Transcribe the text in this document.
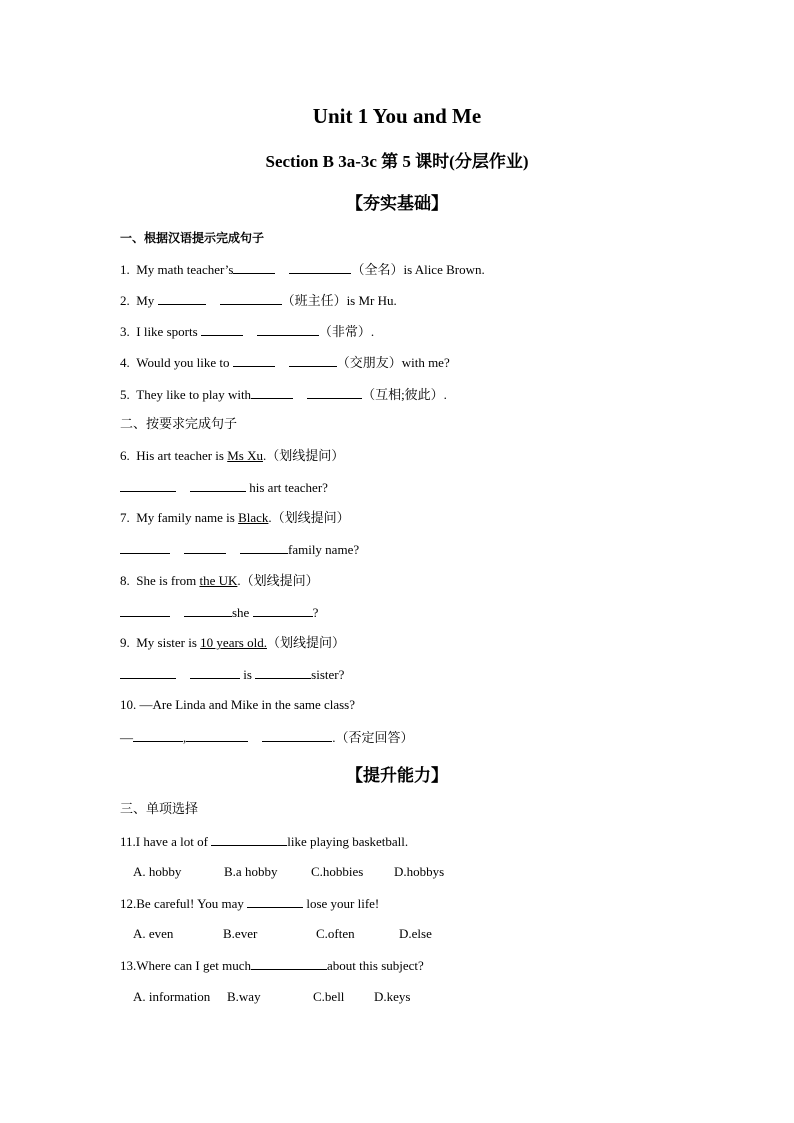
Unit 1 You and Me
Section B 3a-3c 第 5 课时(分层作业)
【夯实基础】
一、根据汉语提示完成句子
1. My math teacher’s	（全名）is Alice Brown.
2. My	（班主任）is Mr Hu.
3. I like sports	（非常）.
4. Would you like to	（交朋友）with me?
5. They like to play with	（互相;彼此）.
二、按要求完成句子
6. His art teacher is Ms Xu.（划线提问）
his art teacher?
7. My family name is Black.（划线提问）
family name?
8. She is from the UK.（划线提问）
she	?
9. My sister is 10 years old.（划线提问）
is	sister?
10. —Are Linda and Mike in the same class?
—	,	.（否定回答）
【提升能力】
三、单项选择
11.I have a lot of	like playing basketball.
A. hobby	B.a hobby	C.hobbies D.hobbys
12.Be careful! You may	lose your life!
A. even	B.ever	C.often	D.else
13.Where can I get much	about this subject?
A. information B.way	C.bell D.keys
